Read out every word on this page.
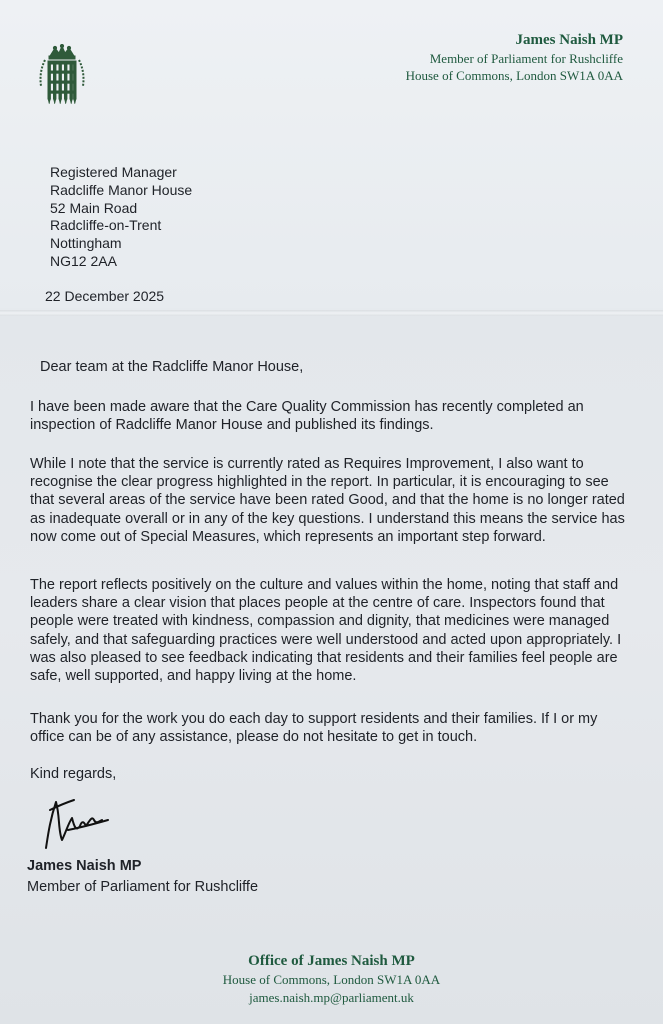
James Naish MP
Member of Parliament for Rushcliffe
House of Commons, London SW1A 0AA
Registered Manager
Radcliffe Manor House
52 Main Road
Radcliffe-on-Trent
Nottingham
NG12 2AA
22 December 2025
Dear team at the Radcliffe Manor House,

I have been made aware that the Care Quality Commission has recently completed an inspection of Radcliffe Manor House and published its findings.

While I note that the service is currently rated as Requires Improvement, I also want to recognise the clear progress highlighted in the report. In particular, it is encouraging to see that several areas of the service have been rated Good, and that the home is no longer rated as inadequate overall or in any of the key questions. I understand this means the service has now come out of Special Measures, which represents an important step forward.

The report reflects positively on the culture and values within the home, noting that staff and leaders share a clear vision that places people at the centre of care. Inspectors found that people were treated with kindness, compassion and dignity, that medicines were managed safely, and that safeguarding practices were well understood and acted upon appropriately. I was also pleased to see feedback indicating that residents and their families feel people are safe, well supported, and happy living at the home.

Thank you for the work you do each day to support residents and their families. If I or my office can be of any assistance, please do not hesitate to get in touch.

Kind regards,
James Naish MP
Member of Parliament for Rushcliffe
Office of James Naish MP
House of Commons, London SW1A 0AA
james.naish.mp@parliament.uk
